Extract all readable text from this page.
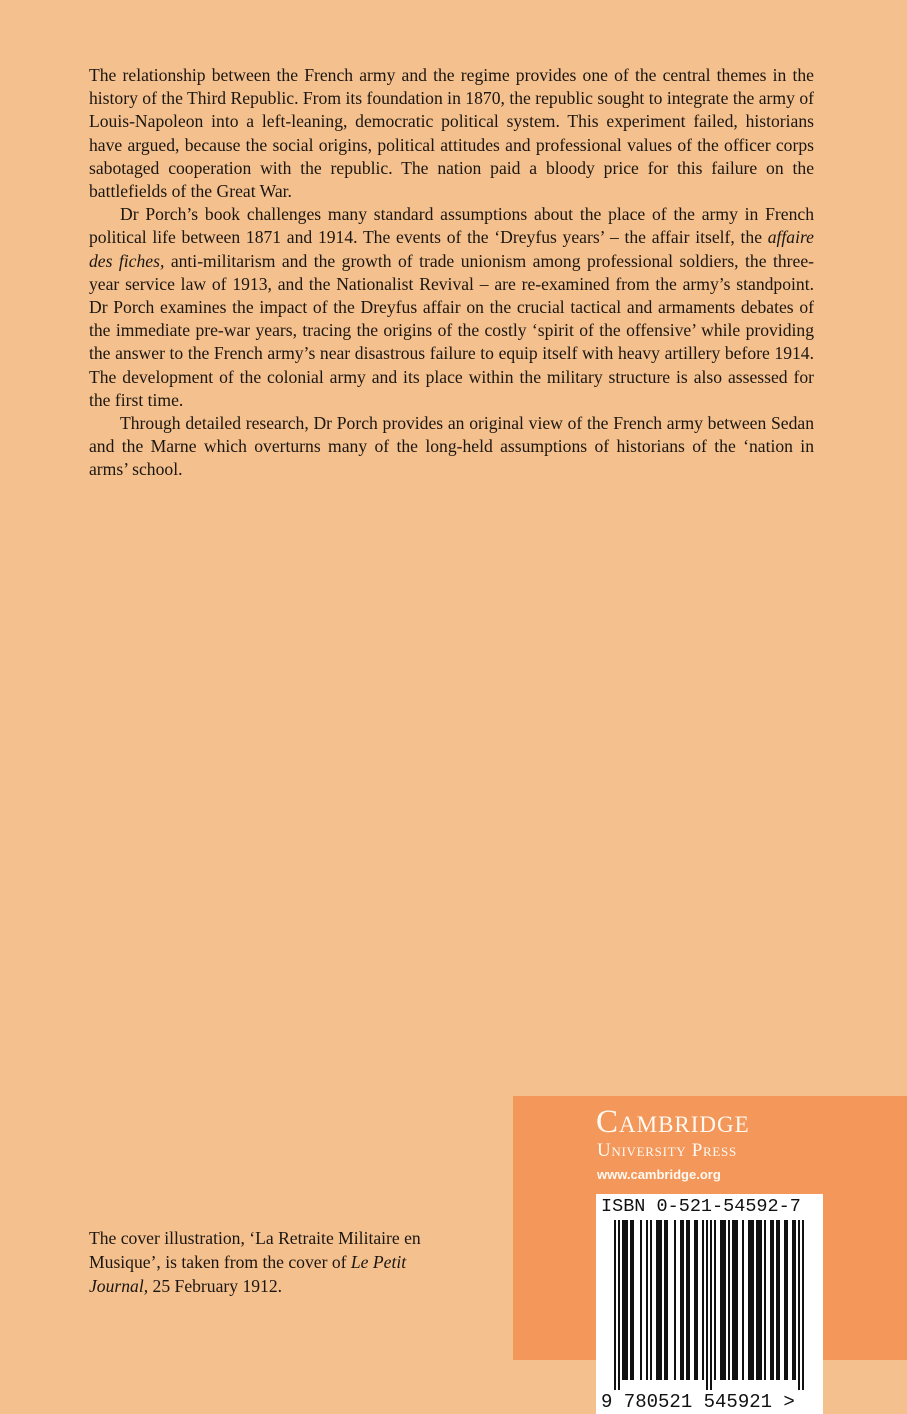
The relationship between the French army and the regime provides one of the central themes in the history of the Third Republic. From its foundation in 1870, the republic sought to integrate the army of Louis-Napoleon into a left-leaning, democratic political system. This experiment failed, historians have argued, because the social origins, political attitudes and professional values of the officer corps sabotaged cooperation with the republic. The nation paid a bloody price for this failure on the battlefields of the Great War.

Dr Porch’s book challenges many standard assumptions about the place of the army in French political life between 1871 and 1914. The events of the ‘Dreyfus years’ – the affair itself, the affaire des fiches, anti-militarism and the growth of trade unionism among professional soldiers, the three-year service law of 1913, and the Nationalist Revival – are re-examined from the army’s standpoint. Dr Porch examines the impact of the Dreyfus affair on the crucial tactical and armaments debates of the immediate pre-war years, tracing the origins of the costly ‘spirit of the offensive’ while providing the answer to the French army’s near disastrous failure to equip itself with heavy artillery before 1914. The development of the colonial army and its place within the military structure is also assessed for the first time.

Through detailed research, Dr Porch provides an original view of the French army between Sedan and the Marne which overturns many of the long-held assumptions of historians of the ‘nation in arms’ school.

The cover illustration, ‘La Retraite Militaire en Musique’, is taken from the cover of Le Petit Journal, 25 February 1912.
Cambridge
University Press
www.cambridge.org
ISBN 0-521-54592-7
9 780521 545921 >
